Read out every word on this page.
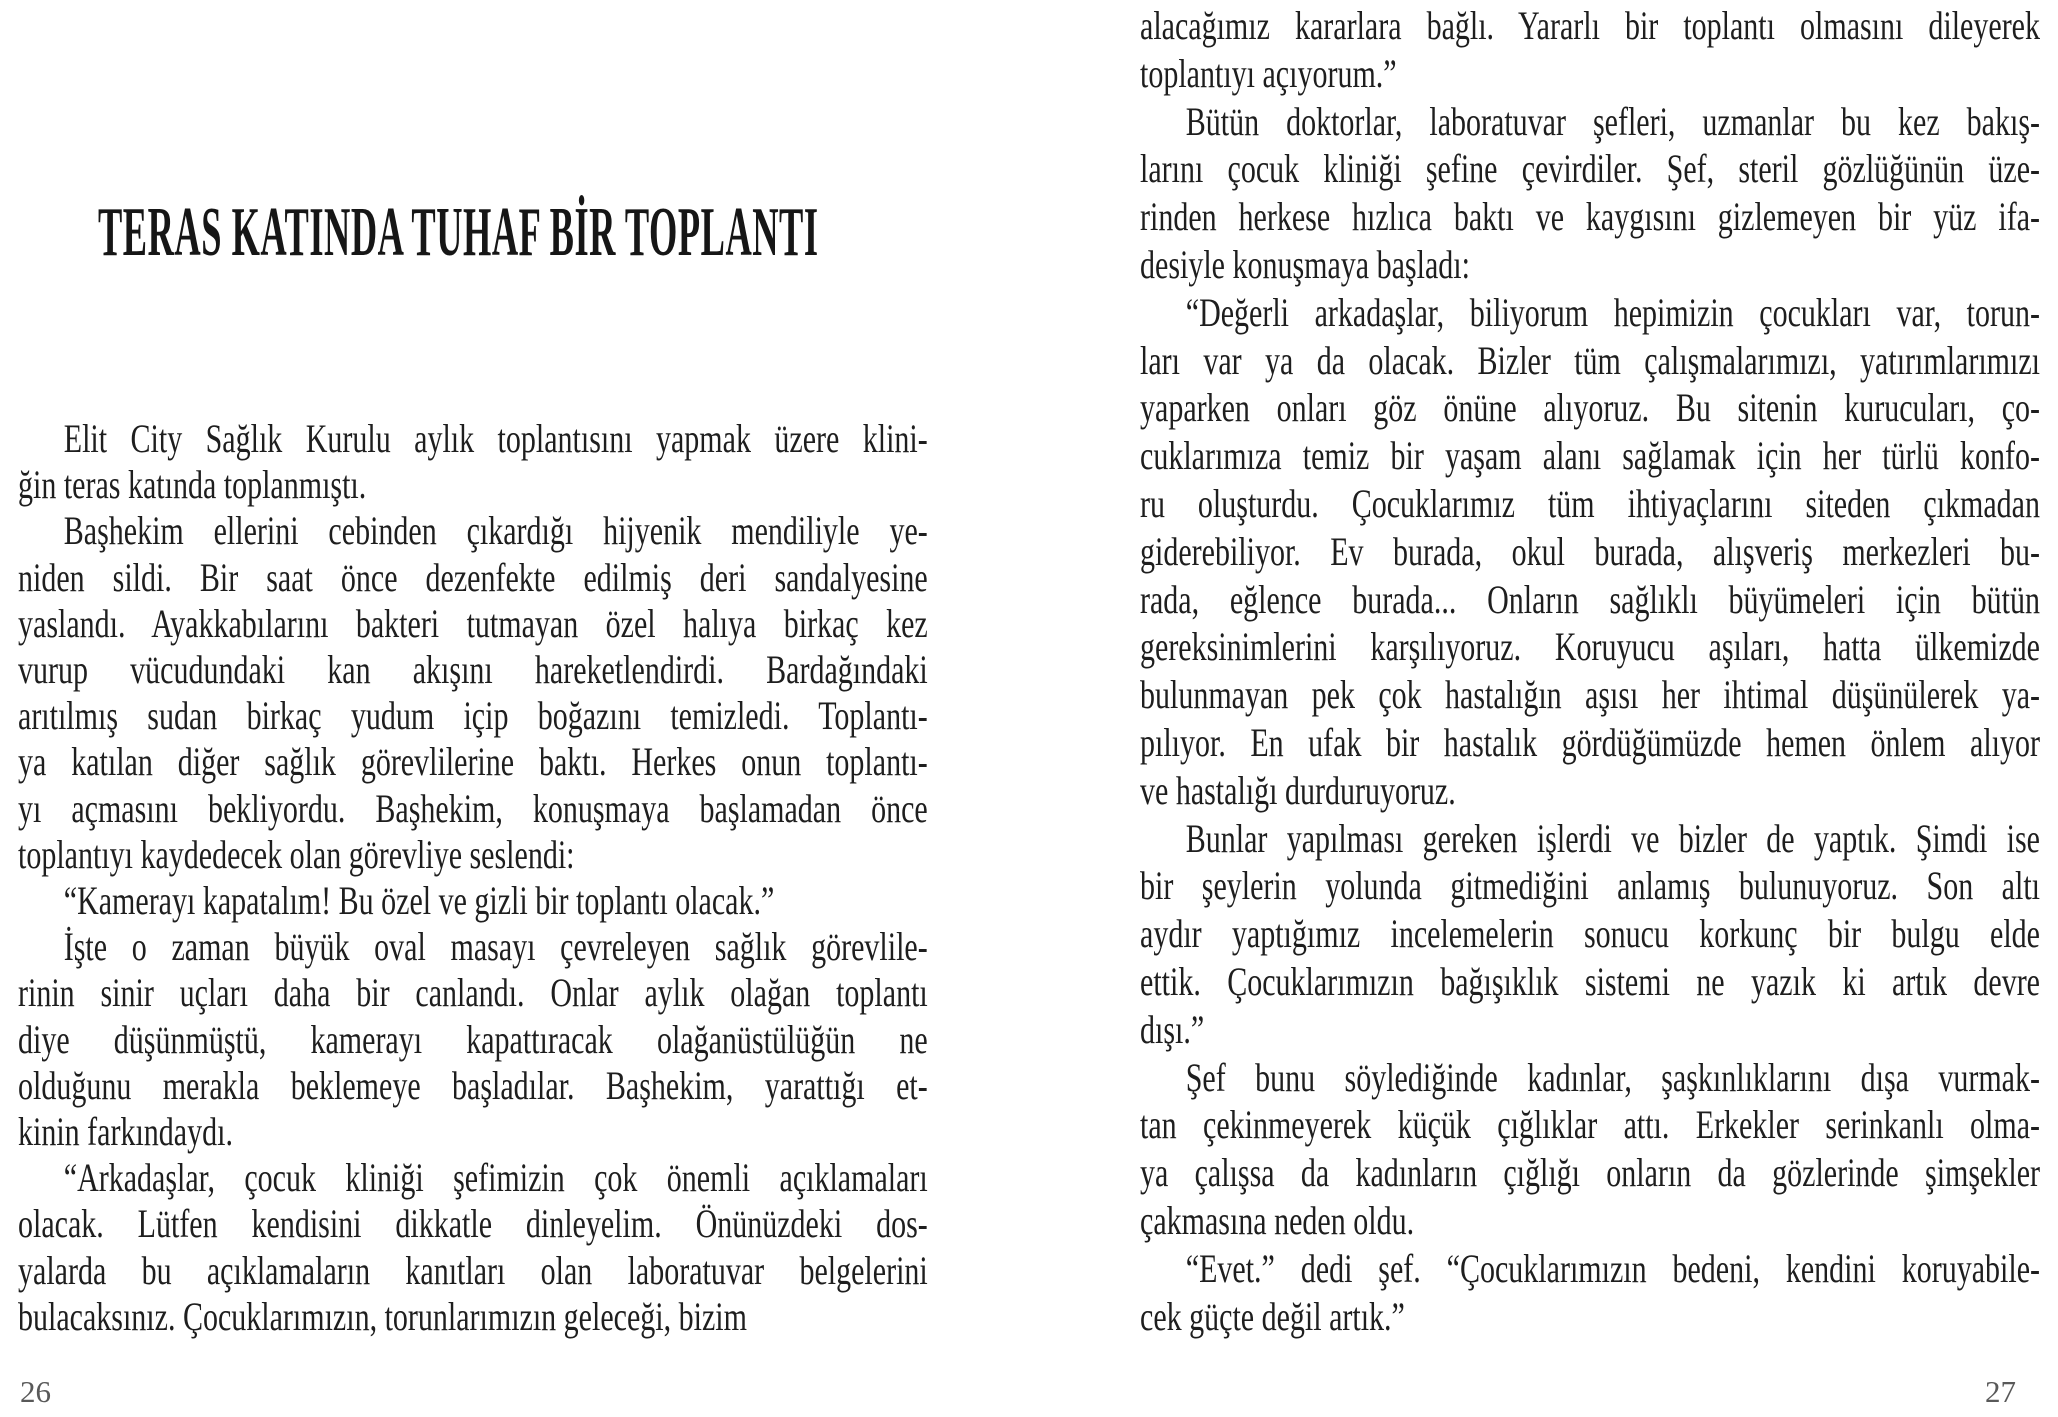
TERAS KATINDA TUHAF BİR TOPLANTI
Elit City Sağlık Kurulu aylık toplantısını yapmak üzere klini-
ğin teras katında toplanmıştı.
Başhekim ellerini cebinden çıkardığı hijyenik mendiliyle ye-
niden sildi. Bir saat önce dezenfekte edilmiş deri sandalyesine
yaslandı. Ayakkabılarını bakteri tutmayan özel halıya birkaç kez
vurup vücudundaki kan akışını hareketlendirdi. Bardağındaki
arıtılmış sudan birkaç yudum içip boğazını temizledi. Toplantı-
ya katılan diğer sağlık görevlilerine baktı. Herkes onun toplantı-
yı açmasını bekliyordu. Başhekim, konuşmaya başlamadan önce
toplantıyı kaydedecek olan görevliye seslendi:
“Kamerayı kapatalım! Bu özel ve gizli bir toplantı olacak.”
İşte o zaman büyük oval masayı çevreleyen sağlık görevlile-
rinin sinir uçları daha bir canlandı. Onlar aylık olağan toplantı
diye düşünmüştü, kamerayı kapattıracak olağanüstülüğün ne
olduğunu merakla beklemeye başladılar. Başhekim, yarattığı et-
kinin farkındaydı.
“Arkadaşlar, çocuk kliniği şefimizin çok önemli açıklamaları
olacak. Lütfen kendisini dikkatle dinleyelim. Önünüzdeki dos-
yalarda bu açıklamaların kanıtları olan laboratuvar belgelerini
bulacaksınız. Çocuklarımızın, torunlarımızın geleceği, bizim
26
alacağımız kararlara bağlı. Yararlı bir toplantı olmasını dileyerek
toplantıyı açıyorum.”
Bütün doktorlar, laboratuvar şefleri, uzmanlar bu kez bakış-
larını çocuk kliniği şefine çevirdiler. Şef, steril gözlüğünün üze-
rinden herkese hızlıca baktı ve kaygısını gizlemeyen bir yüz ifa-
desiyle konuşmaya başladı:
“Değerli arkadaşlar, biliyorum hepimizin çocukları var, torun-
ları var ya da olacak. Bizler tüm çalışmalarımızı, yatırımlarımızı
yaparken onları göz önüne alıyoruz. Bu sitenin kurucuları, ço-
cuklarımıza temiz bir yaşam alanı sağlamak için her türlü konfo-
ru oluşturdu. Çocuklarımız tüm ihtiyaçlarını siteden çıkmadan
giderebiliyor. Ev burada, okul burada, alışveriş merkezleri bu-
rada, eğlence burada... Onların sağlıklı büyümeleri için bütün
gereksinimlerini karşılıyoruz. Koruyucu aşıları, hatta ülkemizde
bulunmayan pek çok hastalığın aşısı her ihtimal düşünülerek ya-
pılıyor. En ufak bir hastalık gördüğümüzde hemen önlem alıyor
ve hastalığı durduruyoruz.
Bunlar yapılması gereken işlerdi ve bizler de yaptık. Şimdi ise
bir şeylerin yolunda gitmediğini anlamış bulunuyoruz. Son altı
aydır yaptığımız incelemelerin sonucu korkunç bir bulgu elde
ettik. Çocuklarımızın bağışıklık sistemi ne yazık ki artık devre
dışı.”
Şef bunu söylediğinde kadınlar, şaşkınlıklarını dışa vurmak-
tan çekinmeyerek küçük çığlıklar attı. Erkekler serinkanlı olma-
ya çalışsa da kadınların çığlığı onların da gözlerinde şimşekler
çakmasına neden oldu.
“Evet.” dedi şef. “Çocuklarımızın bedeni, kendini koruyabile-
cek güçte değil artık.”
27
